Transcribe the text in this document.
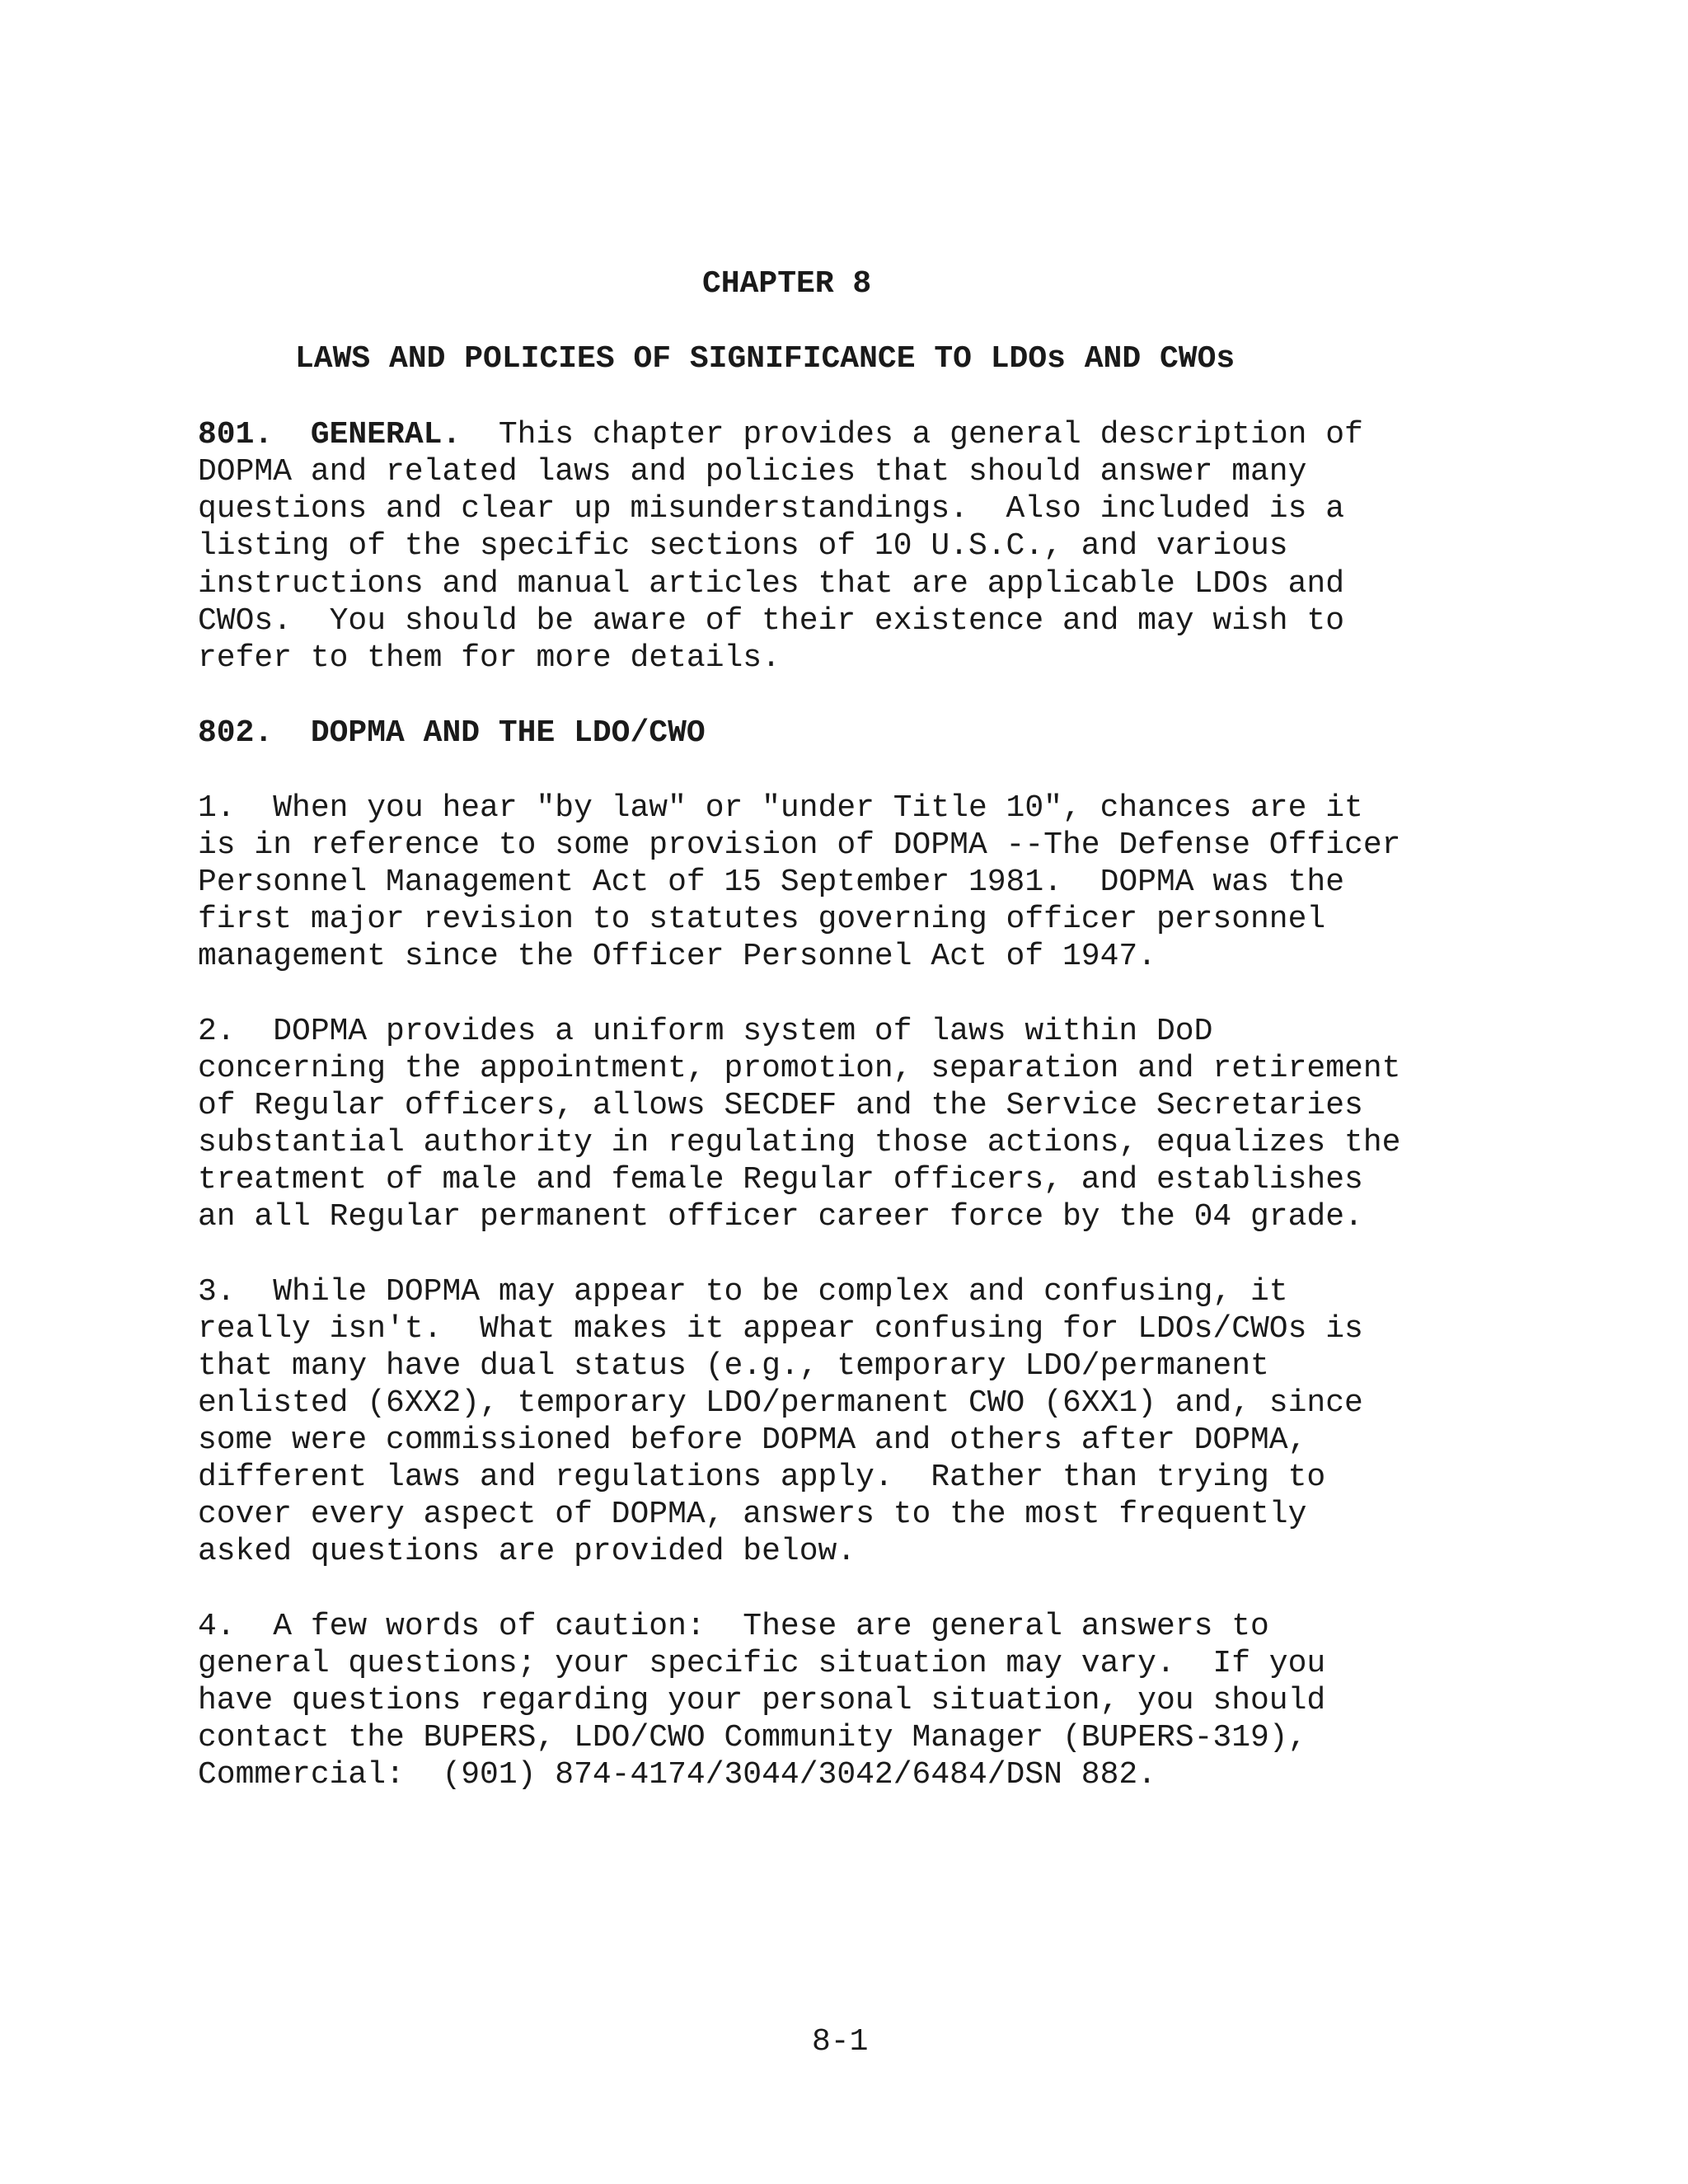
CHAPTER 8
LAWS AND POLICIES OF SIGNIFICANCE TO LDOs AND CWOs
801. GENERAL. This chapter provides a general description of
DOPMA and related laws and policies that should answer many
questions and clear up misunderstandings.  Also included is a
listing of the specific sections of 10 U.S.C., and various
instructions and manual articles that are applicable LDOs and
CWOs.  You should be aware of their existence and may wish to
refer to them for more details.
802.  DOPMA AND THE LDO/CWO
1.  When you hear "by law" or "under Title 10", chances are it
is in reference to some provision of DOPMA --The Defense Officer
Personnel Management Act of 15 September 1981.  DOPMA was the
first major revision to statutes governing officer personnel
management since the Officer Personnel Act of 1947.
2.  DOPMA provides a uniform system of laws within DoD
concerning the appointment, promotion, separation and retirement
of Regular officers, allows SECDEF and the Service Secretaries
substantial authority in regulating those actions, equalizes the
treatment of male and female Regular officers, and establishes
an all Regular permanent officer career force by the 04 grade.
3.  While DOPMA may appear to be complex and confusing, it
really isn't.  What makes it appear confusing for LDOs/CWOs is
that many have dual status (e.g., temporary LDO/permanent
enlisted (6XX2), temporary LDO/permanent CWO (6XX1) and, since
some were commissioned before DOPMA and others after DOPMA,
different laws and regulations apply.  Rather than trying to
cover every aspect of DOPMA, answers to the most frequently
asked questions are provided below.
4.  A few words of caution:  These are general answers to
general questions; your specific situation may vary.  If you
have questions regarding your personal situation, you should
contact the BUPERS, LDO/CWO Community Manager (BUPERS-319),
Commercial:  (901) 874-4174/3044/3042/6484/DSN 882.
8-1
